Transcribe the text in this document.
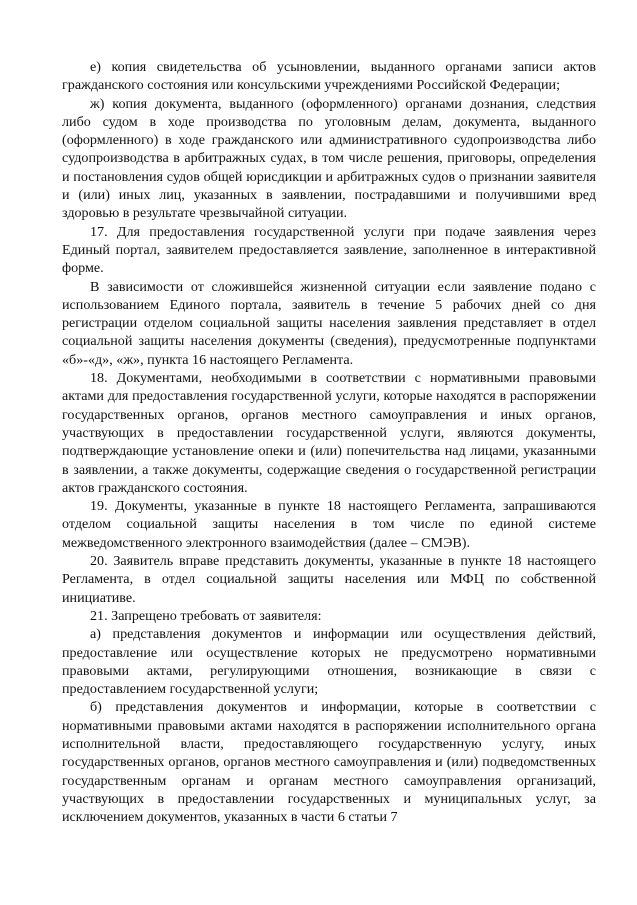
е) копия свидетельства об усыновлении, выданного органами записи актов гражданского состояния или консульскими учреждениями Российской Федерации;

ж) копия документа, выданного (оформленного) органами дознания, следствия либо судом в ходе производства по уголовным делам, документа, выданного (оформленного) в ходе гражданского или административного судопроизводства либо судопроизводства в арбитражных судах, в том числе решения, приговоры, определения и постановления судов общей юрисдикции и арбитражных судов о признании заявителя и (или) иных лиц, указанных в заявлении, пострадавшими и получившими вред здоровью в результате чрезвычайной ситуации.

17. Для предоставления государственной услуги при подаче заявления через Единый портал, заявителем предоставляется заявление, заполненное в интерактивной форме.

В зависимости от сложившейся жизненной ситуации если заявление подано с использованием Единого портала, заявитель в течение 5 рабочих дней со дня регистрации отделом социальной защиты населения заявления представляет в отдел социальной защиты населения документы (сведения), предусмотренные подпунктами «б»-«д», «ж», пункта 16 настоящего Регламента.

18. Документами, необходимыми в соответствии с нормативными правовыми актами для предоставления государственной услуги, которые находятся в распоряжении государственных органов, органов местного самоуправления и иных органов, участвующих в предоставлении государственной услуги, являются документы, подтверждающие установление опеки и (или) попечительства над лицами, указанными в заявлении, а также документы, содержащие сведения о государственной регистрации актов гражданского состояния.

19. Документы, указанные в пункте 18 настоящего Регламента, запрашиваются отделом социальной защиты населения в том числе по единой системе межведомственного электронного взаимодействия (далее – СМЭВ).

20. Заявитель вправе представить документы, указанные в пункте 18 настоящего Регламента, в отдел социальной защиты населения или МФЦ по собственной инициативе.

21. Запрещено требовать от заявителя:

а) представления документов и информации или осуществления действий, предоставление или осуществление которых не предусмотрено нормативными правовыми актами, регулирующими отношения, возникающие в связи с предоставлением государственной услуги;

б) представления документов и информации, которые в соответствии с нормативными правовыми актами находятся в распоряжении исполнительного органа исполнительной власти, предоставляющего государственную услугу, иных государственных органов, органов местного самоуправления и (или) подведомственных государственным органам и органам местного самоуправления организаций, участвующих в предоставлении государственных и муниципальных услуг, за исключением документов, указанных в части 6 статьи 7
